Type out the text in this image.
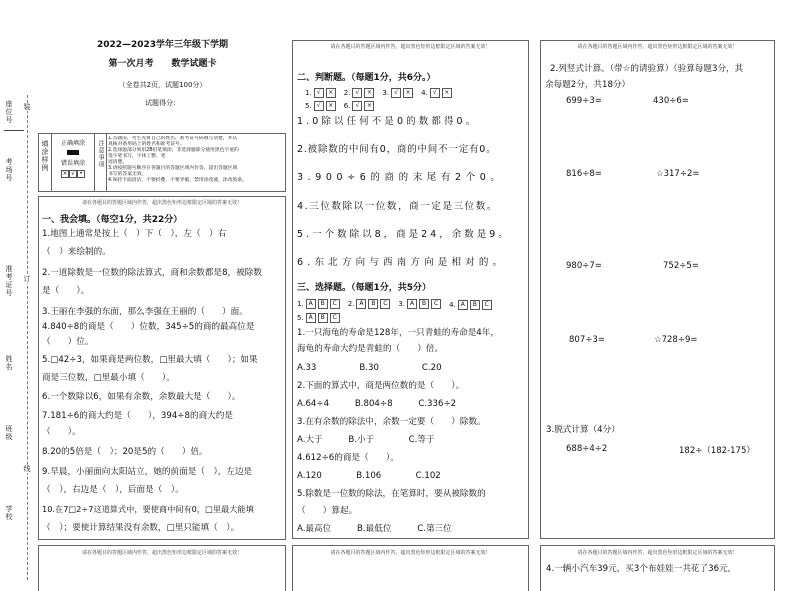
座位号
考场号
准考证号
姓名
班级
学校
装
订
线
2022—2023学年三年级下学期
第一次月考　　数学试题卡
（全卷共2页，试题100分）
试题得分：
填涂样例	正确填涂
错误填涂
× √ •
注意事项
1.答题前，考生先将自己的姓名、准考证号码填写清楚，并认
真核对条形码上的姓名和准考证号。
2.选择题部分须用2B铅笔填涂；非选择题部分使用黑色字迹的
签字笔书写，字体工整、笔
迹清楚。
3.请按照题号顺序在各题目的答题区域内作答，超出答题区域
书写的答案无效。
4.保持卡面清洁，不要折叠、不要弄破，禁用涂改液，涂改胶条。
请在各题目的答题区域内作答，超出黑色矩形边框限定区域的答案无效！
一、我会填。（每空1分，共22分）
1.地图上通常是按上（　）下（　），左（　）右
（　）来绘制的。
2.一道除数是一位数的除法算式，商和余数都是8，被除数
是（　　）。
3.王丽在李强的东面，那么李强在王丽的（　　）面。
4.840÷8的商是（　　）位数，345÷5的商的最高位是
（　　）位。
5.□42÷3，如果商是两位数，□里最大填（　　）；如果
商是三位数，□里最小填（　　）。
6.一个数除以6，如果有余数，余数最大是（　　）。
7.181÷6的商大约是（　　），394÷8的商大约是
（　　）。
8.20的5倍是（　）；20是5的（　　）倍。
9.早晨，小丽面向太阳站立，她的前面是（　），左边是
（　），右边是（　），后面是（　）。
10.在7□2÷7这道算式中，要使商中间有0，□里最大能填
（　）；要使计算结果没有余数，□里只能填（　）。
请在各题目的答题区域内作答，超出黑色矩形边框限定区域的答案无效！
二、判断题。（每题1分，共6分。）
1. √	×	2. √	×	3. √	×	4. √	×
5. √	×	6. √	×
1.0除以任何不是0的数都得0。
2.被除数的中间有0，商的中间不一定有0。
3.900÷6的商的末尾有2个0。
4.三位数除以一位数，商一定是三位数。
5.一个数除以8，商是24，余数是9。
6.东北方向与西南方向是相对的。
三、选择题。（每题1分，共5分）
1. A	B	C	2. A	B	C	3. A	B	C	4. A	B	C
5. A	B	C
1.一只海龟的寿命是128年，一只青蛙的寿命是4年，
海龟的寿命大约是青蛙的（　　）倍。
A.33　　　　　B.30　　　　　C.20
2.下面的算式中，商是两位数的是（　　）。
A.64÷4　　　B.804÷8　　　C.336÷2
3.在有余数的除法中，余数一定要（　　）除数。
A.大于　　　B.小于　　　　C.等于
4.612÷6的商是（　　）。
A.120　　　　B.106　　　　C.102
5.除数是一位数的除法，在笔算时，要从被除数的
（　　）算起。
A.最高位　　　B.最低位　　　C.第三位
请在各题目的答题区域内作答，超出黑色矩形边框限定区域的答案无效！
2.列竖式计算。（带☆的请验算）（验算每题3分，其
余每题2分，共18分）
699÷3=	430÷6=
816÷8=	☆317÷2=
980÷7=	752÷5=
807÷3=	☆728÷9=
3.脱式计算（4分）
688÷4÷2	182÷（182-175）
请在各题目的答题区域内作答，超出黑色矩形边框限定区域的答案无效！	请在各题目的答题区域内作答，超出黑色矩形边框限定区域的答案无效！	请在各题目的答题区域内作答，超出黑色矩形边框限定区域的答案无效！
4.一辆小汽车39元，买3个布娃娃一共花了36元，
